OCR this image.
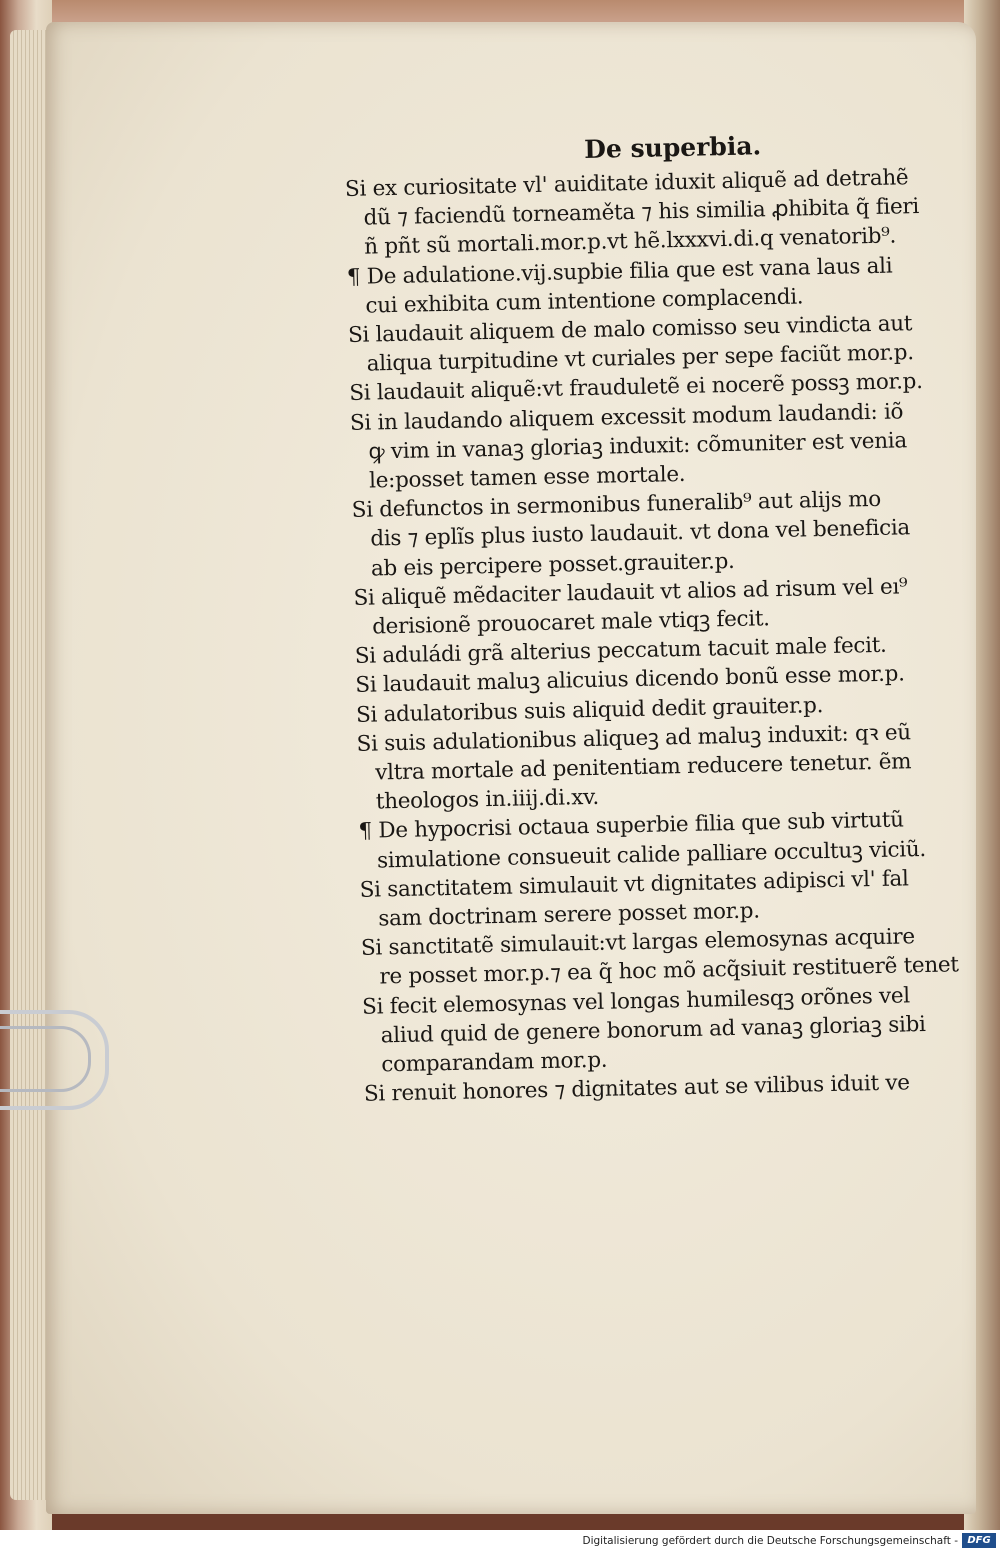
De superbia.
Si ex curiositate vl' auiditate iduxit aliquẽ ad detrahẽ
dũ ⁊ faciendũ torneaměta ⁊ his similia ꝓhibita q̃ fieri
ñ pñt sũ mortali.mor.p.vt hẽ.lxxxvi.di.q venatorib⁹.
¶ De adulatione.vij.supbie filia que est vana laus ali
cui exhibita cum intentione complacendi.
Si laudauit aliquem de malo comisso seu vindicta aut
aliqua turpitudine vt curiales per sepe faciũt mor.p.
Si laudauit aliquẽ:vt frauduletẽ ei nocerẽ possꝫ mor.p.
Si in laudando aliquem excessit modum laudandi: iõ
ꝙ vim in vanaꝫ gloriaꝫ induxit: cõmuniter est venia
le:posset tamen esse mortale.
Si defunctos in sermonibus funeralib⁹ aut alijs mo
dis ⁊ eplĩs plus iusto laudauit. vt dona vel beneficia
ab eis percipere posset.grauiter.p.
Si aliquẽ mẽdaciter laudauit vt alios ad risum vel eı⁹
derisionẽ prouocaret male vtiqꝫ fecit.
Si aduládi grã alterius peccatum tacuit male fecit.
Si laudauit maluꝫ alicuius dicendo bonũ esse mor.p.
Si adulatoribus suis aliquid dedit grauiter.p.
Si suis adulationibus aliqueꝫ ad maluꝫ induxit: qꝛ eũ
vltra mortale ad penitentiam reducere tenetur. ẽm
theologos in.iiij.di.xv.
¶ De hypocrisi octaua superbie filia que sub virtutũ
simulatione consueuit calide palliare occultuꝫ viciũ.
Si sanctitatem simulauit vt dignitates adipisci vl' fal
sam doctrinam serere posset mor.p.
Si sanctitatẽ simulauit:vt largas elemosynas acquire
re posset mor.p.⁊ ea q̃ hoc mõ acq̃siuit restituerẽ tenet
Si fecit elemosynas vel longas humilesqꝫ orõnes vel
aliud quid de genere bonorum ad vanaꝫ gloriaꝫ sibi
comparandam mor.p.
Si renuit honores ⁊ dignitates aut se vilibus iduit ve
Digitalisierung gefördert durch die Deutsche Forschungsgemeinschaft - DFG
